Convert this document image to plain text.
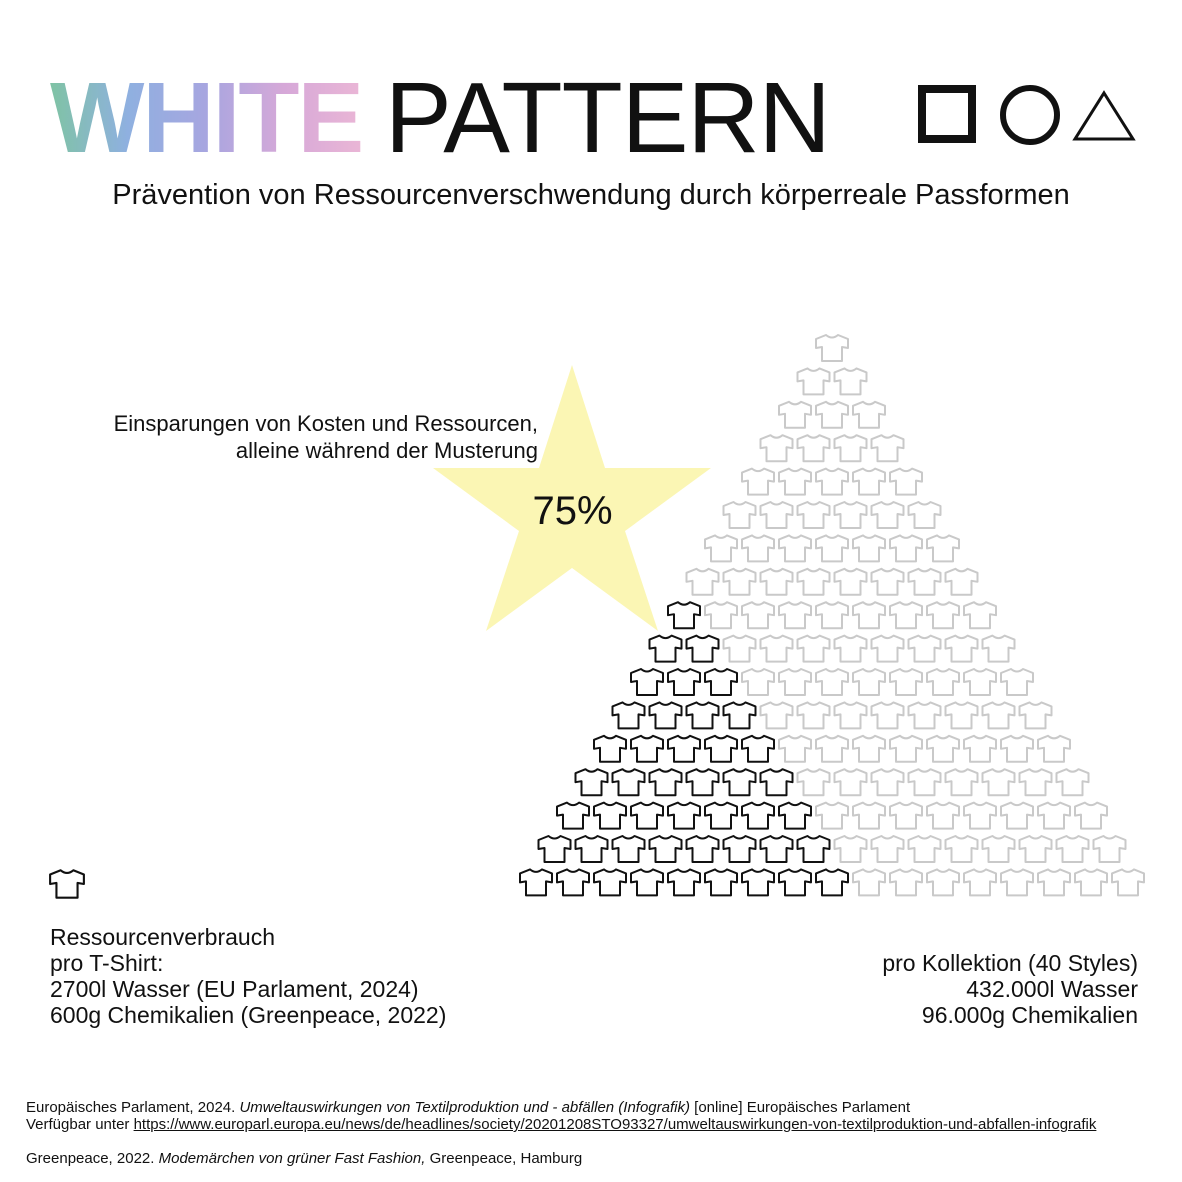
WHITE PATTERN
Prävention von Ressourcenverschwendung durch körperreale Passformen
Einsparungen von Kosten und Ressourcen,
alleine während der Musterung
75%
Ressourcenverbrauch
pro T-Shirt:
2700l Wasser (EU Parlament, 2024)
600g Chemikalien (Greenpeace, 2022)
pro Kollektion (40 Styles)
432.000l Wasser
96.000g Chemikalien
Europäisches Parlament, 2024. Umweltauswirkungen von Textilproduktion und - abfällen (Infografik) [online] Europäisches Parlament
Verfügbar unter https://www.europarl.europa.eu/news/de/headlines/society/20201208STO93327/umweltauswirkungen-von-textilproduktion-und-abfallen-infografik
Greenpeace, 2022. Modemärchen von grüner Fast Fashion, Greenpeace, Hamburg
